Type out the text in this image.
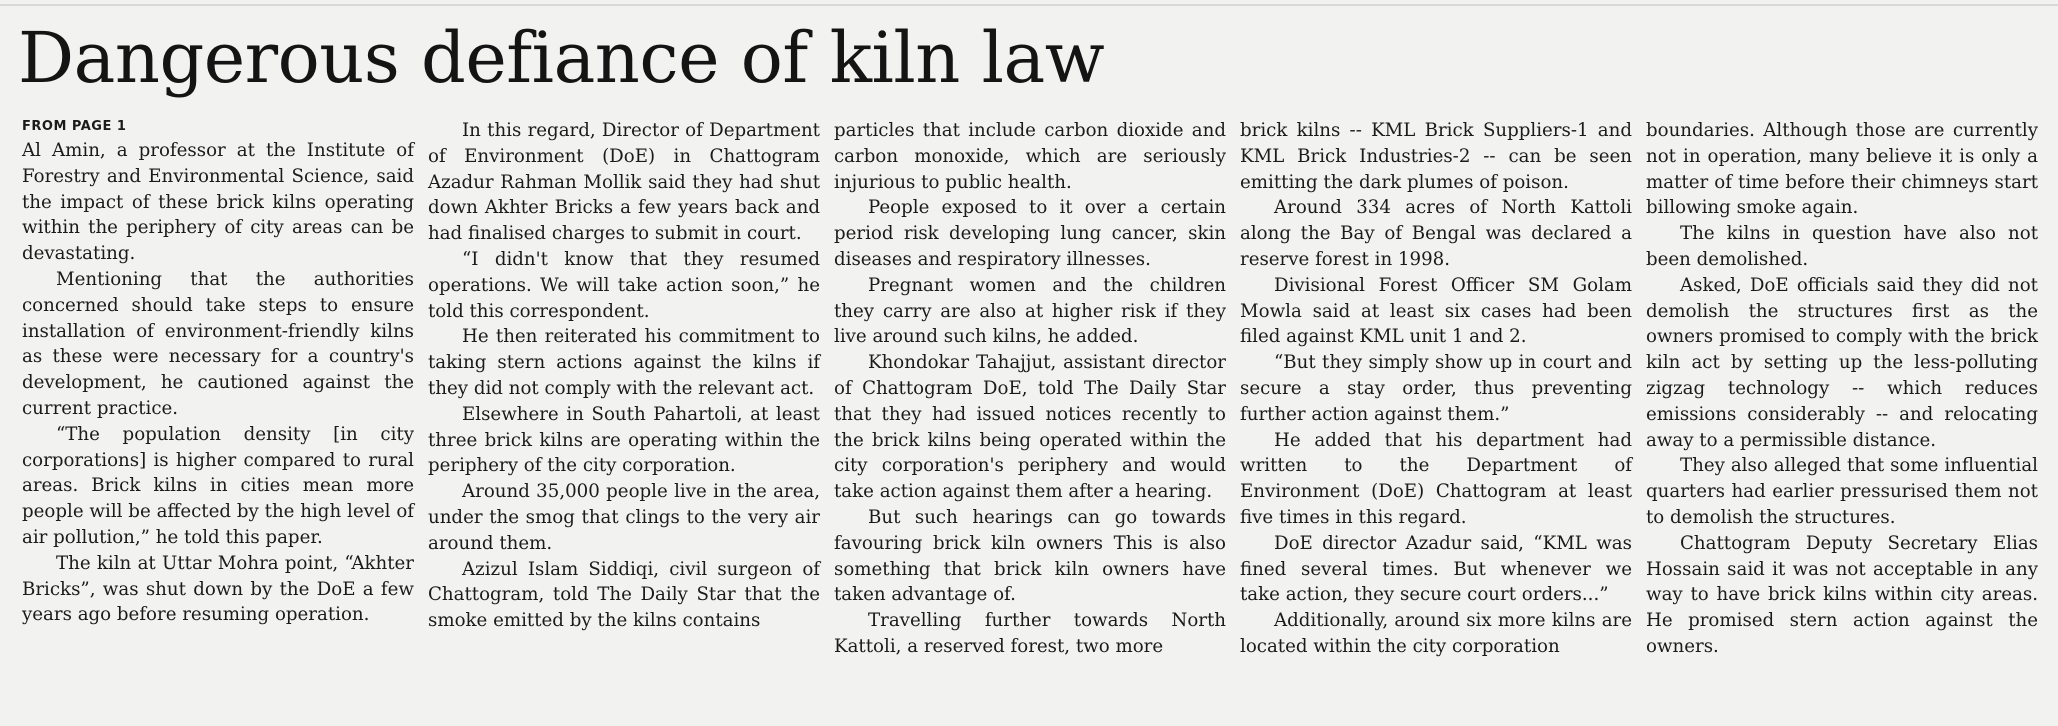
Dangerous defiance of kiln law
FROM PAGE 1

Al Amin, a professor at the Institute of Forestry and Environmental Science, said the impact of these brick kilns operating within the periphery of city areas can be devastating.

Mentioning that the authorities concerned should take steps to ensure installation of environment-friendly kilns as these were necessary for a country's development, he cautioned against the current practice.

“The population density [in city corporations] is higher compared to rural areas. Brick kilns in cities mean more people will be affected by the high level of air pollution,” he told this paper.

The kiln at Uttar Mohra point, “Akhter Bricks”, was shut down by the DoE a few years ago before resuming operation.

In this regard, Director of Department of Environment (DoE) in Chattogram Azadur Rahman Mollik said they had shut down Akhter Bricks a few years back and had finalised charges to submit in court.

“I didn't know that they resumed operations. We will take action soon,” he told this correspondent.

He then reiterated his commitment to taking stern actions against the kilns if they did not comply with the relevant act.

Elsewhere in South Pahartoli, at least three brick kilns are operating within the periphery of the city corporation.

Around 35,000 people live in the area, under the smog that clings to the very air around them.

Azizul Islam Siddiqi, civil surgeon of Chattogram, told The Daily Star that the smoke emitted by the kilns contains

particles that include carbon dioxide and carbon monoxide, which are seriously injurious to public health.

People exposed to it over a certain period risk developing lung cancer, skin diseases and respiratory illnesses.

Pregnant women and the children they carry are also at higher risk if they live around such kilns, he added.

Khondokar Tahajjut, assistant director of Chattogram DoE, told The Daily Star that they had issued notices recently to the brick kilns being operated within the city corporation's periphery and would take action against them after a hearing.

But such hearings can go towards favouring brick kiln owners This is also something that brick kiln owners have taken advantage of.

Travelling further towards North Kattoli, a reserved forest, two more

brick kilns -- KML Brick Suppliers-1 and KML Brick Industries-2 -- can be seen emitting the dark plumes of poison.

Around 334 acres of North Kattoli along the Bay of Bengal was declared a reserve forest in 1998.

Divisional Forest Officer SM Golam Mowla said at least six cases had been filed against KML unit 1 and 2.

“But they simply show up in court and secure a stay order, thus preventing further action against them.”

He added that his department had written to the Department of Environment (DoE) Chattogram at least five times in this regard.

DoE director Azadur said, “KML was fined several times. But whenever we take action, they secure court orders...”

Additionally, around six more kilns are located within the city corporation

boundaries. Although those are currently not in operation, many believe it is only a matter of time before their chimneys start billowing smoke again.

The kilns in question have also not been demolished.

Asked, DoE officials said they did not demolish the structures first as the owners promised to comply with the brick kiln act by setting up the less-polluting zigzag technology -- which reduces emissions considerably -- and relocating away to a permissible distance.

They also alleged that some influential quarters had earlier pressurised them not to demolish the structures.

Chattogram Deputy Secretary Elias Hossain said it was not acceptable in any way to have brick kilns within city areas. He promised stern action against the owners.
